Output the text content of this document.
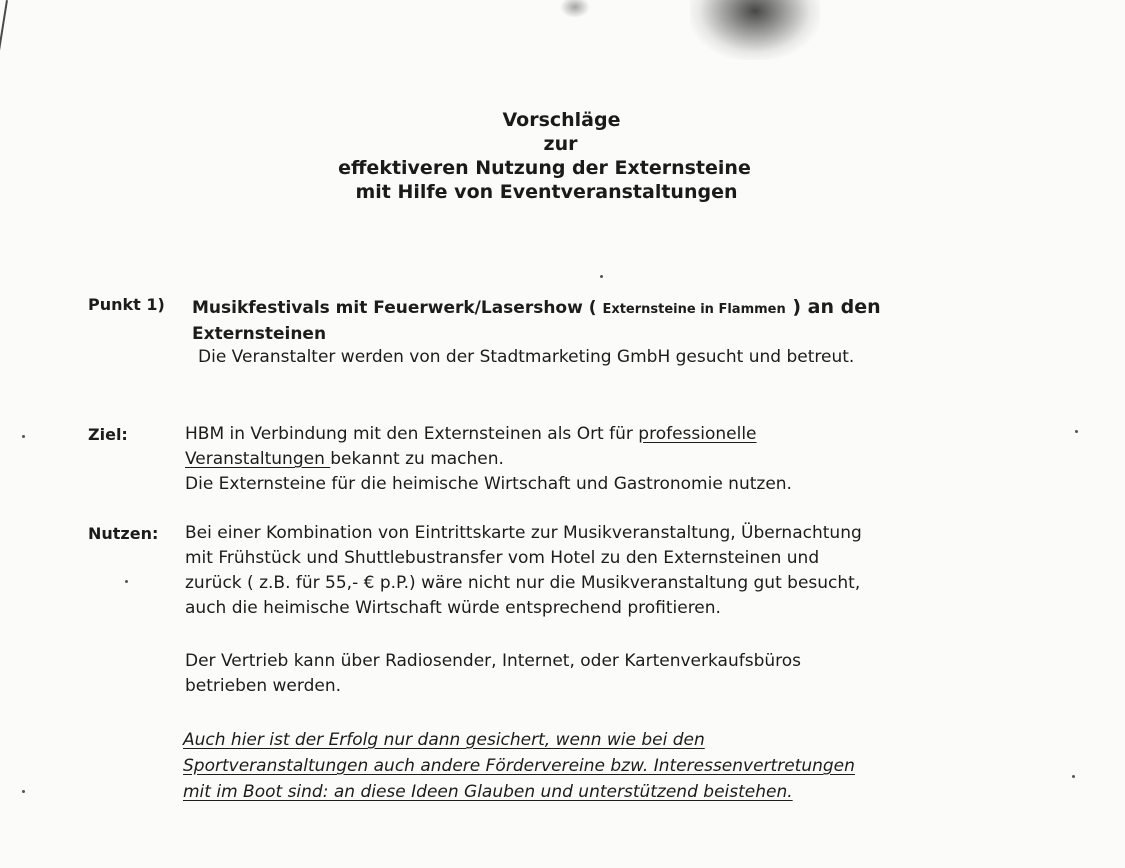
Vorschläge
zur
effektiveren Nutzung der Externsteine
mit Hilfe von Eventveranstaltungen
Punkt 1) Musikfestivals mit Feuerwerk/Lasershow ( Externsteine in Flammen ) an den
Externsteinen
Die Veranstalter werden von der Stadtmarketing GmbH gesucht und betreut.
Ziel:	HBM in Verbindung mit den Externsteinen als Ort für professionelle
Veranstaltungen bekannt zu machen.
Die Externsteine für die heimische Wirtschaft und Gastronomie nutzen.
Nutzen: Bei einer Kombination von Eintrittskarte zur Musikveranstaltung, Übernachtung
mit Frühstück und Shuttlebustransfer vom Hotel zu den Externsteinen und
zurück ( z.B. für 55,- € p.P.) wäre nicht nur die Musikveranstaltung gut besucht,
auch die heimische Wirtschaft würde entsprechend profitieren.
Der Vertrieb kann über Radiosender, Internet, oder Kartenverkaufsbüros
betrieben werden.
Auch hier ist der Erfolg nur dann gesichert, wenn wie bei den
Sportveranstaltungen auch andere Fördervereine bzw. Interessenvertretungen
mit im Boot sind: an diese Ideen Glauben und unterstützend beistehen.
